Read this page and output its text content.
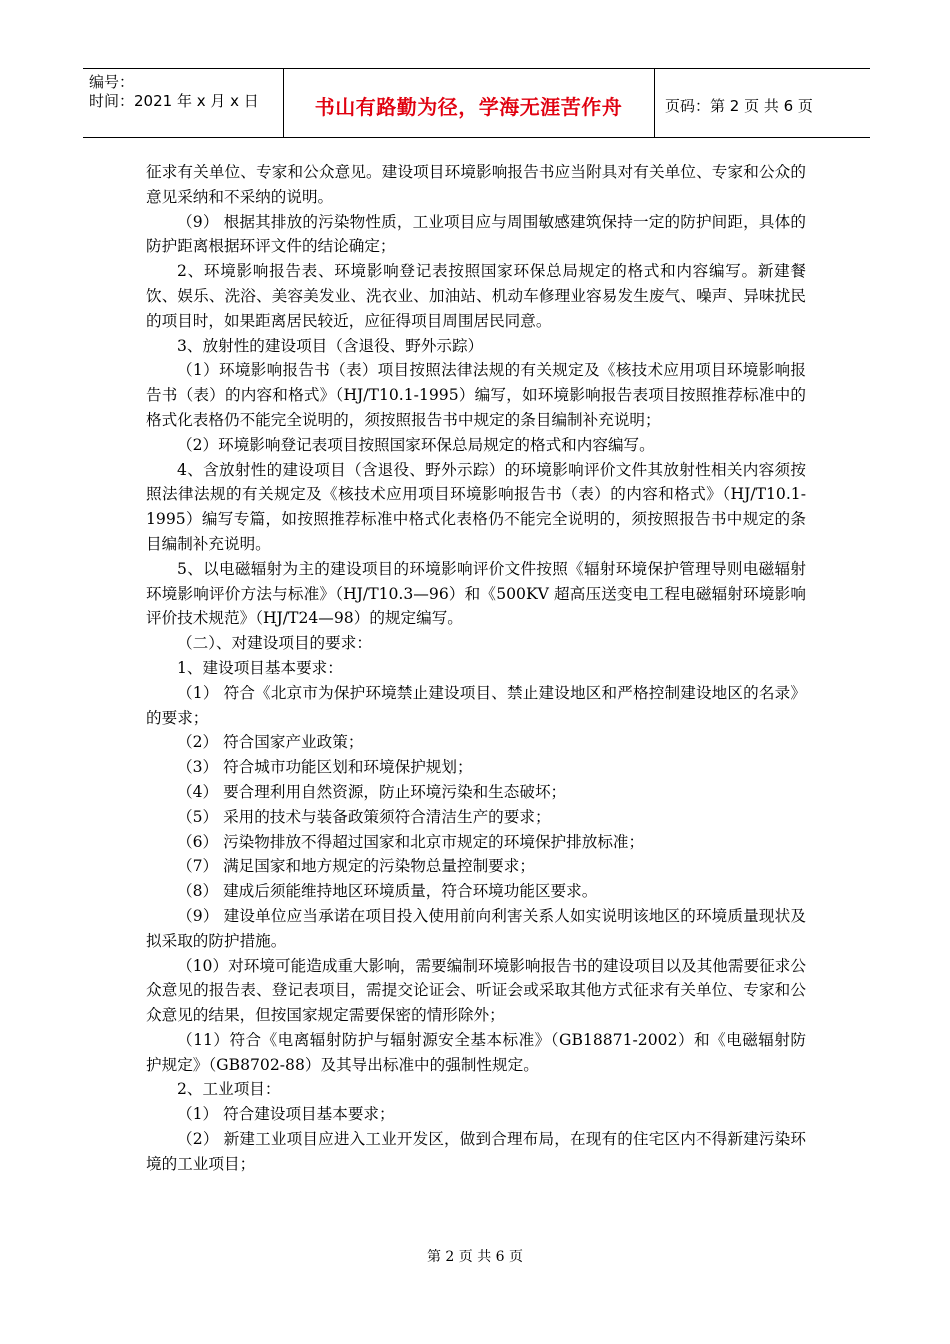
编号：
时间：2021 年 x 月 x 日	书山有路勤为径，学海无涯苦作舟	页码：第 2 页 共 6 页

征求有关单位、专家和公众意见。建设项目环境影响报告书应当附具对有关单位、专家和公众的意见采纳和不采纳的说明。

（9） 根据其排放的污染物性质，工业项目应与周围敏感建筑保持一定的防护间距，具体的防护距离根据环评文件的结论确定；

2、环境影响报告表、环境影响登记表按照国家环保总局规定的格式和内容编写。新建餐饮、娱乐、洗浴、美容美发业、洗衣业、加油站、机动车修理业容易发生废气、噪声、异味扰民的项目时，如果距离居民较近，应征得项目周围居民同意。

3、放射性的建设项目（含退役、野外示踪）

（1）环境影响报告书（表）项目按照法律法规的有关规定及《核技术应用项目环境影响报告书（表）的内容和格式》（HJ/T10.1-1995）编写，如环境影响报告表项目按照推荐标准中的格式化表格仍不能完全说明的，须按照报告书中规定的条目编制补充说明；

（2）环境影响登记表项目按照国家环保总局规定的格式和内容编写。

4、含放射性的建设项目（含退役、野外示踪）的环境影响评价文件其放射性相关内容须按照法律法规的有关规定及《核技术应用项目环境影响报告书（表）的内容和格式》（HJ/T10.1-1995）编写专篇，如按照推荐标准中格式化表格仍不能完全说明的，须按照报告书中规定的条目编制补充说明。

5、以电磁辐射为主的建设项目的环境影响评价文件按照《辐射环境保护管理导则电磁辐射环境影响评价方法与标准》（HJ/T10.3—96）和《500KV 超高压送变电工程电磁辐射环境影响评价技术规范》（HJ/T24—98）的规定编写。

（二）、对建设项目的要求：

1、建设项目基本要求：

（1） 符合《北京市为保护环境禁止建设项目、禁止建设地区和严格控制建设地区的名录》的要求；

（2） 符合国家产业政策；

（3） 符合城市功能区划和环境保护规划；

（4） 要合理利用自然资源，防止环境污染和生态破坏；

（5） 采用的技术与装备政策须符合清洁生产的要求；

（6） 污染物排放不得超过国家和北京市规定的环境保护排放标准；

（7） 满足国家和地方规定的污染物总量控制要求；

（8） 建成后须能维持地区环境质量，符合环境功能区要求。

（9） 建设单位应当承诺在项目投入使用前向利害关系人如实说明该地区的环境质量现状及拟采取的防护措施。

（10）对环境可能造成重大影响，需要编制环境影响报告书的建设项目以及其他需要征求公众意见的报告表、登记表项目，需提交论证会、听证会或采取其他方式征求有关单位、专家和公众意见的结果，但按国家规定需要保密的情形除外；

（11）符合《电离辐射防护与辐射源安全基本标准》（GB18871-2002）和《电磁辐射防护规定》（GB8702-88）及其导出标准中的强制性规定。

2、工业项目：

（1） 符合建设项目基本要求；

（2） 新建工业项目应进入工业开发区，做到合理布局，在现有的住宅区内不得新建污染环境的工业项目；

第 2 页 共 6 页
